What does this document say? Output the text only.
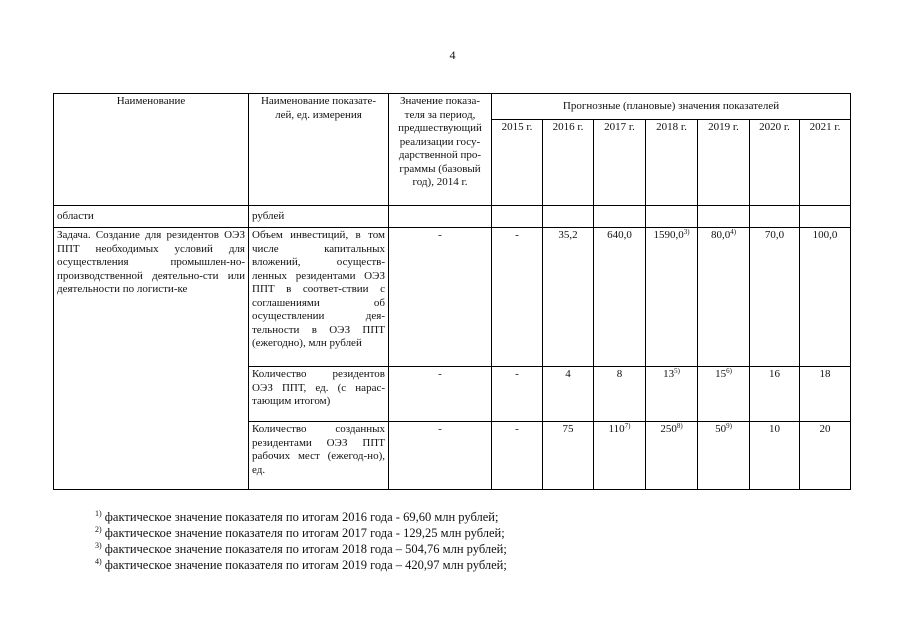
4
Наименование	Наименование показате-лей, ед. измерения	Значение показа-теля за период, предшествующий реализации госу-дарственной про-граммы (базовый год), 2014 г.	Прогнозные (плановые) значения показателей						
			2015 г.	2016 г.	2017 г.	2018 г.	2019 г.	2020 г.	2021 г.
области	рублей								
Задача. Создание для резидентов ОЭЗ ППТ необходимых условий для осуществления промышлен-но-производственной деятельно-сти или деятельности по логисти-ке	Объем инвестиций, в том числе капитальных вложений, осуществ-ленных резидентами ОЭЗ ППТ в соответ-ствии с соглашениями об осуществлении дея-тельности в ОЭЗ ППТ (ежегодно), млн рублей	-	-	35,2	640,0	1590,0$^{3)}$	80,0$^{4)}$	70,0	100,0
	Количество резидентов ОЭЗ ППТ, ед. (с нарас-тающим итогом)	-	-	4	8	13$^{5)}$	15$^{6)}$	16	18
	Количество созданных резидентами ОЭЗ ППТ рабочих мест (ежегод-но), ед.	-	-	75	110$^{7)}$	250$^{8)}$	50$^{9)}$	10	20
$^{1)}$ фактическое значение показателя по итогам 2016 года - 69,60 млн рублей;
$^{2)}$ фактическое значение показателя по итогам 2017 года - 129,25 млн рублей;
$^{3)}$ фактическое значение показателя по итогам 2018 года – 504,76 млн рублей;
$^{4)}$ фактическое значение показателя по итогам 2019 года – 420,97 млн рублей;
